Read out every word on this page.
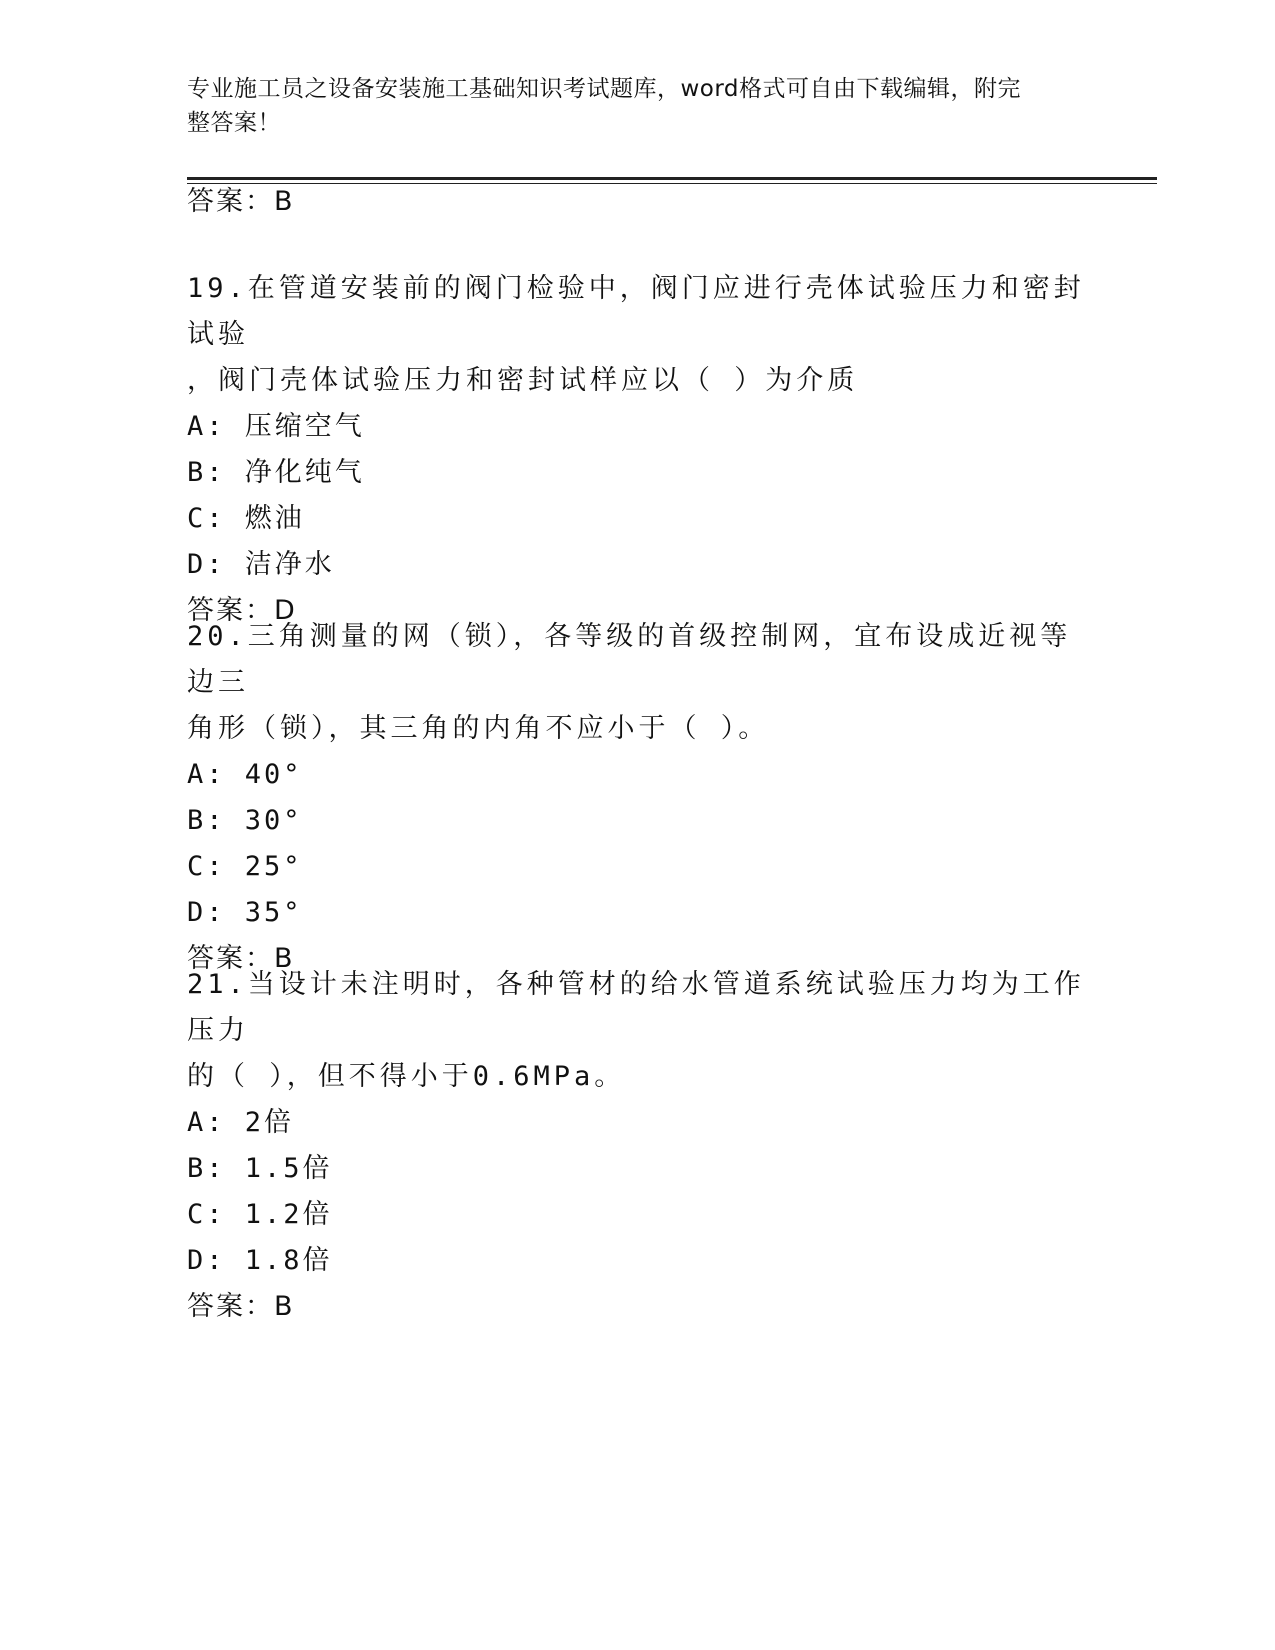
专业施工员之设备安装施工基础知识考试题库，word格式可自由下载编辑，附完
整答案！
答案：B
19.在管道安装前的阀门检验中，阀门应进行壳体试验压力和密封试验
，阀门壳体试验压力和密封试样应以（ ）为介质
A: 压缩空气
B: 净化纯气
C: 燃油
D: 洁净水
答案：D
20.三角测量的网（锁），各等级的首级控制网，宜布设成近视等边三
角形（锁），其三角的内角不应小于（ ）。
A: 40°
B: 30°
C: 25°
D: 35°
答案：B
21.当设计未注明时，各种管材的给水管道系统试验压力均为工作压力
的（ ），但不得小于0.6MPa。
A: 2倍
B: 1.5倍
C: 1.2倍
D: 1.8倍
答案：B
